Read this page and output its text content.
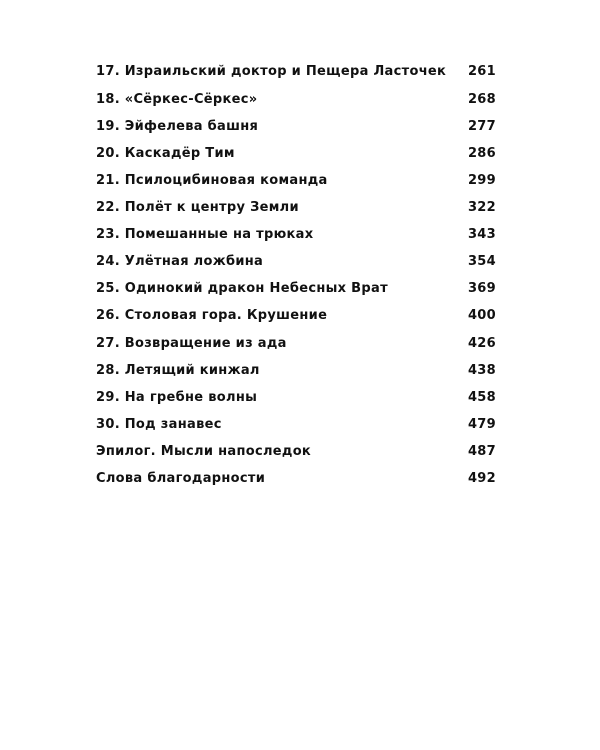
17. Израильский доктор и Пещера Ласточек 261
18. «Сёркес-Сёркес»	268
19. Эйфелева башня	277
20. Каскадёр Тим	286
21. Псилоцибиновая команда	299
22. Полёт к центру Земли	322
23. Помешанные на трюках	343
24. Улётная ложбина	354
25. Одинокий дракон Небесных Врат	369
26. Столовая гора. Крушение	400
27. Возвращение из ада	426
28. Летящий кинжал	438
29. На гребне волны	458
30. Под занавес	479
Эпилог. Мысли напоследок	487
Слова благодарности	492
